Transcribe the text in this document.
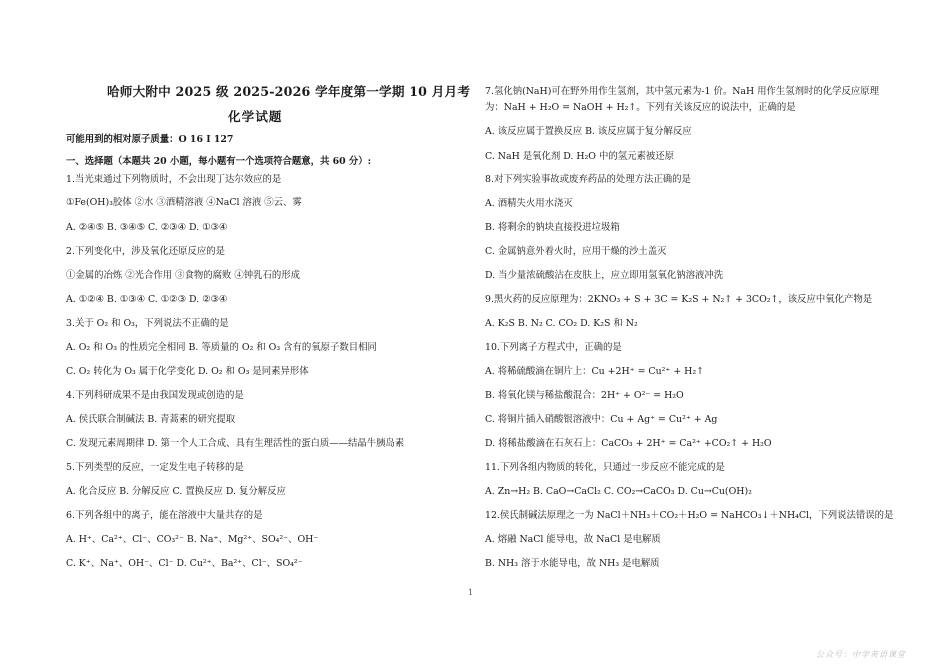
哈师大附中 2025 级 2025-2026 学年度第一学期 10 月月考
化学试题
可能用到的相对原子质量：O 16 I 127
一、选择题（本题共 20 小题，每小题有一个选项符合题意，共 60 分）:
1.当光束通过下列物质时，不会出现丁达尔效应的是
①Fe(OH)₃胶体 ②水 ③酒精溶液 ④NaCl 溶液 ⑤云、雾
A. ②④⑤ B. ③④⑤ C. ②③④ D. ①③④
2.下列变化中，涉及氧化还原反应的是
①金属的冶炼 ②光合作用 ③食物的腐败 ④钟乳石的形成
A. ①②④ B. ①③④ C. ①②③ D. ②③④
3.关于 O₂ 和 O₃，下列说法不正确的是
A. O₂ 和 O₃ 的性质完全相同 B. 等质量的 O₂ 和 O₃ 含有的氧原子数目相同
C. O₂ 转化为 O₃ 属于化学变化 D. O₂ 和 O₃ 是同素异形体
4.下列科研成果不是由我国发现或创造的是
A. 侯氏联合制碱法 B. 青蒿素的研究提取
C. 发现元素周期律 D. 第一个人工合成、具有生理活性的蛋白质——结晶牛胰岛素
5.下列类型的反应，一定发生电子转移的是
A. 化合反应 B. 分解反应 C. 置换反应 D. 复分解反应
6.下列各组中的离子，能在溶液中大量共存的是
A. H⁺、Ca²⁺、Cl⁻、CO₃²⁻ B. Na⁺、Mg²⁺、SO₄²⁻、OH⁻
C. K⁺、Na⁺、OH⁻、Cl⁻ D. Cu²⁺、Ba²⁺、Cl⁻、SO₄²⁻
7.氢化钠(NaH)可在野外用作生氢剂，其中氢元素为-1 价。NaH 用作生氢剂时的化学反应原理
为：NaH + H₂O = NaOH + H₂↑。下列有关该反应的说法中，正确的是
A. 该反应属于置换反应 B. 该反应属于复分解反应
C. NaH 是氧化剂 D. H₂O 中的氢元素被还原
8.对下列实验事故或废弃药品的处理方法正确的是
A. 酒精失火用水浇灭
B. 将剩余的钠块直接投进垃圾箱
C. 金属钠意外着火时，应用干燥的沙土盖灭
D. 当少量浓硫酸沾在皮肤上，应立即用氢氧化钠溶液冲洗
9.黑火药的反应原理为：2KNO₃ + S + 3C = K₂S + N₂↑ + 3CO₂↑，该反应中氧化产物是
A. K₂S B. N₂ C. CO₂ D. K₂S 和 N₂
10.下列离子方程式中，正确的是
A. 将稀硫酸滴在铜片上：Cu +2H⁺ = Cu²⁺ + H₂↑
B. 将氧化镁与稀盐酸混合：2H⁺ + O²⁻ = H₂O
C. 将铜片插入硝酸银溶液中：Cu + Ag⁺ = Cu²⁺ + Ag
D. 将稀盐酸滴在石灰石上：CaCO₃ + 2H⁺ = Ca²⁺ +CO₂↑ + H₂O
11.下列各组内物质的转化，只通过一步反应不能完成的是
A. Zn→H₂ B. CaO→CaCl₂ C. CO₂→CaCO₃ D. Cu→Cu(OH)₂
12.侯氏制碱法原理之一为 NaCl＋NH₃＋CO₂＋H₂O = NaHCO₃↓＋NH₄Cl，下列说法错误的是
A. 熔融 NaCl 能导电，故 NaCl 是电解质
B. NH₃ 溶于水能导电，故 NH₃ 是电解质
1
公众号：中学英语课堂
